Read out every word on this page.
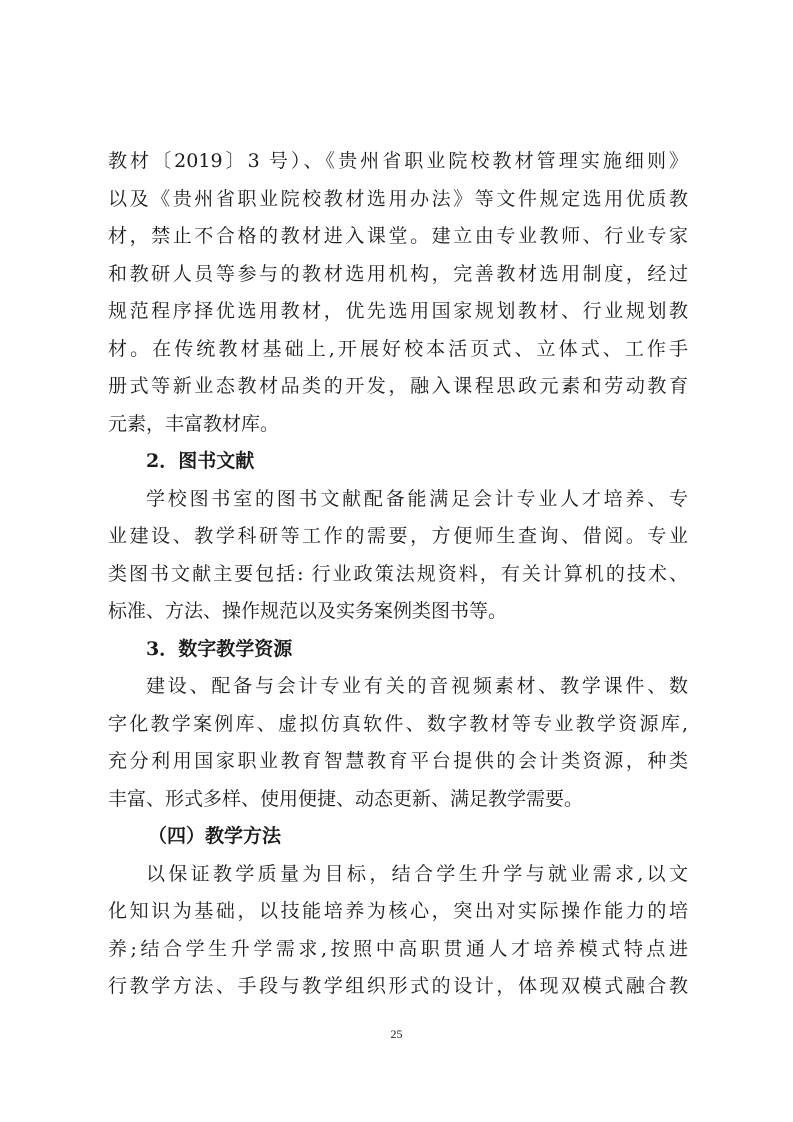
教材〔2019〕3 号）、《贵州省职业院校教材管理实施细则》
以及《贵州省职业院校教材选用办法》等文件规定选用优质教
材，禁止不合格的教材进入课堂。建立由专业教师、行业专家
和教研人员等参与的教材选用机构，完善教材选用制度，经过
规范程序择优选用教材，优先选用国家规划教材、行业规划教
材。在传统教材基础上,开展好校本活页式、立体式、工作手
册式等新业态教材品类的开发，融入课程思政元素和劳动教育
元素，丰富教材库。
2．图书文献
学校图书室的图书文献配备能满足会计专业人才培养、专
业建设、教学科研等工作的需要，方便师生查询、借阅。专业
类图书文献主要包括: 行业政策法规资料，有关计算机的技术、
标准、方法、操作规范以及实务案例类图书等。
3．数字教学资源
建设、配备与会计专业有关的音视频素材、教学课件、数
字化教学案例库、虚拟仿真软件、数字教材等专业教学资源库,
充分利用国家职业教育智慧教育平台提供的会计类资源，种类
丰富、形式多样、使用便捷、动态更新、满足教学需要。
（四）教学方法
以保证教学质量为目标，结合学生升学与就业需求,以文
化知识为基础，以技能培养为核心，突出对实际操作能力的培
养;结合学生升学需求,按照中高职贯通人才培养模式特点进
行教学方法、手段与教学组织形式的设计，体现双模式融合教
25
